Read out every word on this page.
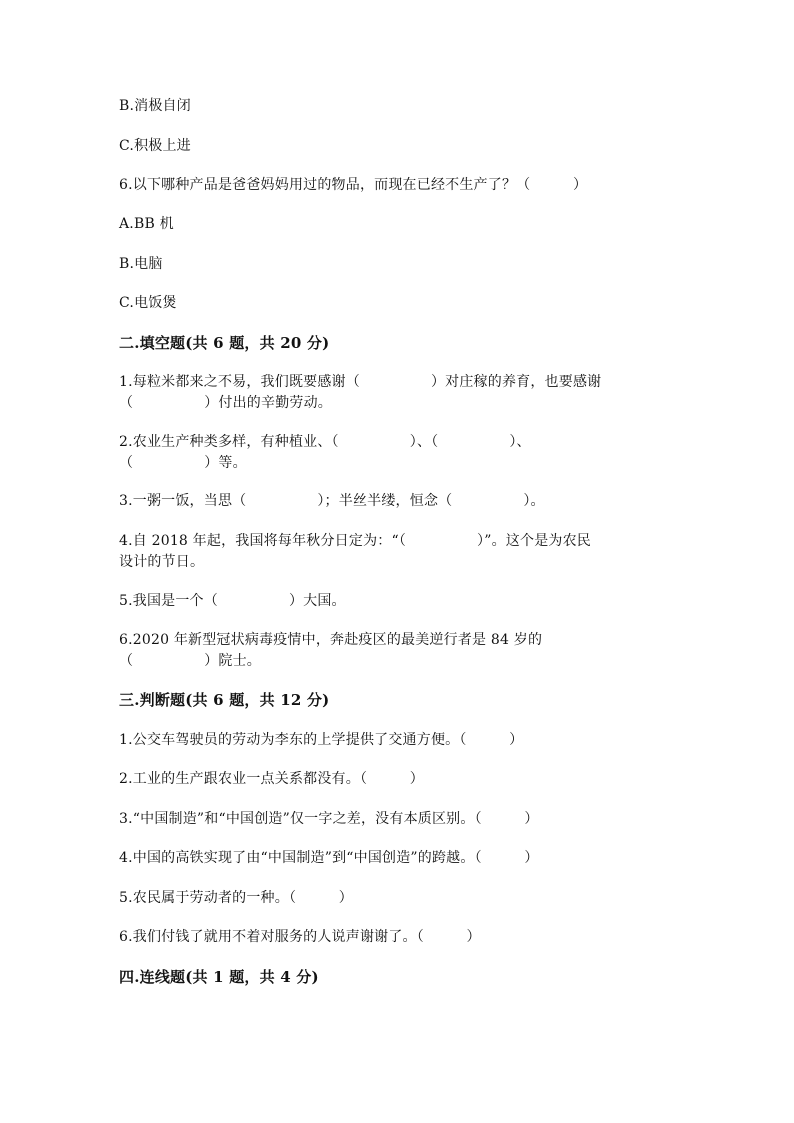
B.消极自闭
C.积极上进
6.以下哪种产品是爸爸妈妈用过的物品，而现在已经不生产了？（　　　）
A.BB 机
B.电脑
C.电饭煲
二.填空题(共 6 题，共 20 分)
1.每粒米都来之不易，我们既要感谢（　　　　　）对庄稼的养育，也要感谢
（　　　　　）付出的辛勤劳动。
2.农业生产种类多样，有种植业、（　　　　　）、（　　　　　）、
（　　　　　）等。
3.一粥一饭，当思（　　　　　）；半丝半缕，恒念（　　　　　）。
4.自 2018 年起，我国将每年秋分日定为：“（　　　　　）”。这个是为农民
设计的节日。
5.我国是一个（　　　　　）大国。
6.2020 年新型冠状病毒疫情中，奔赴疫区的最美逆行者是 84 岁的
（　　　　　）院士。
三.判断题(共 6 题，共 12 分)
1.公交车驾驶员的劳动为李东的上学提供了交通方便。（　　　）
2.工业的生产跟农业一点关系都没有。（　　　）
3.“中国制造”和“中国创造”仅一字之差，没有本质区别。（　　　）
4.中国的高铁实现了由“中国制造”到“中国创造”的跨越。（　　　）
5.农民属于劳动者的一种。（　　　）
6.我们付钱了就用不着对服务的人说声谢谢了。（　　　）
四.连线题(共 1 题，共 4 分)
